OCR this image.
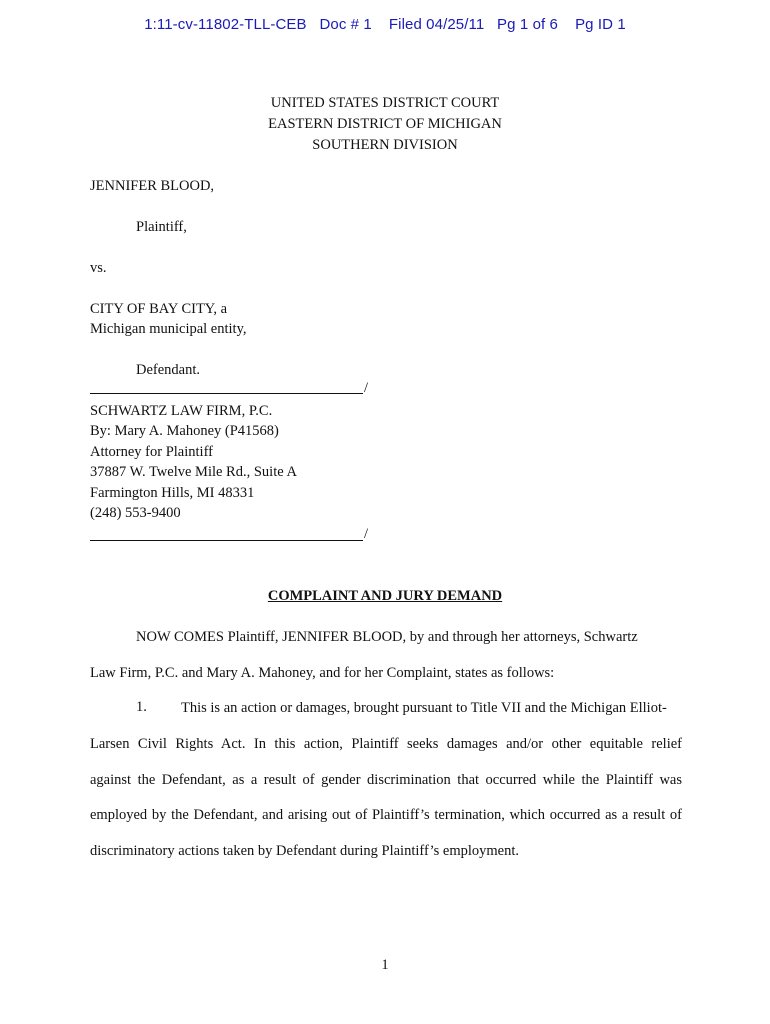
1:11-cv-11802-TLL-CEB   Doc # 1    Filed 04/25/11   Pg 1 of 6    Pg ID 1
UNITED STATES DISTRICT COURT
EASTERN DISTRICT OF MICHIGAN
SOUTHERN DIVISION
JENNIFER BLOOD,
Plaintiff,
vs.
CITY OF BAY CITY, a
Michigan municipal entity,
Defendant.
/
SCHWARTZ LAW FIRM, P.C.
By: Mary A. Mahoney (P41568)
Attorney for Plaintiff
37887 W. Twelve Mile Rd., Suite A
Farmington Hills, MI 48331
(248) 553-9400
/
COMPLAINT AND JURY DEMAND
NOW COMES Plaintiff, JENNIFER BLOOD, by and through her attorneys, Schwartz
Law Firm, P.C. and Mary A. Mahoney, and for her Complaint, states as follows:
1. This is an action or damages, brought pursuant to Title VII and the Michigan Elliot-
Larsen Civil Rights Act. In this action, Plaintiff seeks damages and/or other equitable relief
against the Defendant, as a result of gender discrimination that occurred while the Plaintiff was
employed by the Defendant, and arising out of Plaintiff’s termination, which occurred as a result of
discriminatory actions taken by Defendant during Plaintiff’s employment.
1
